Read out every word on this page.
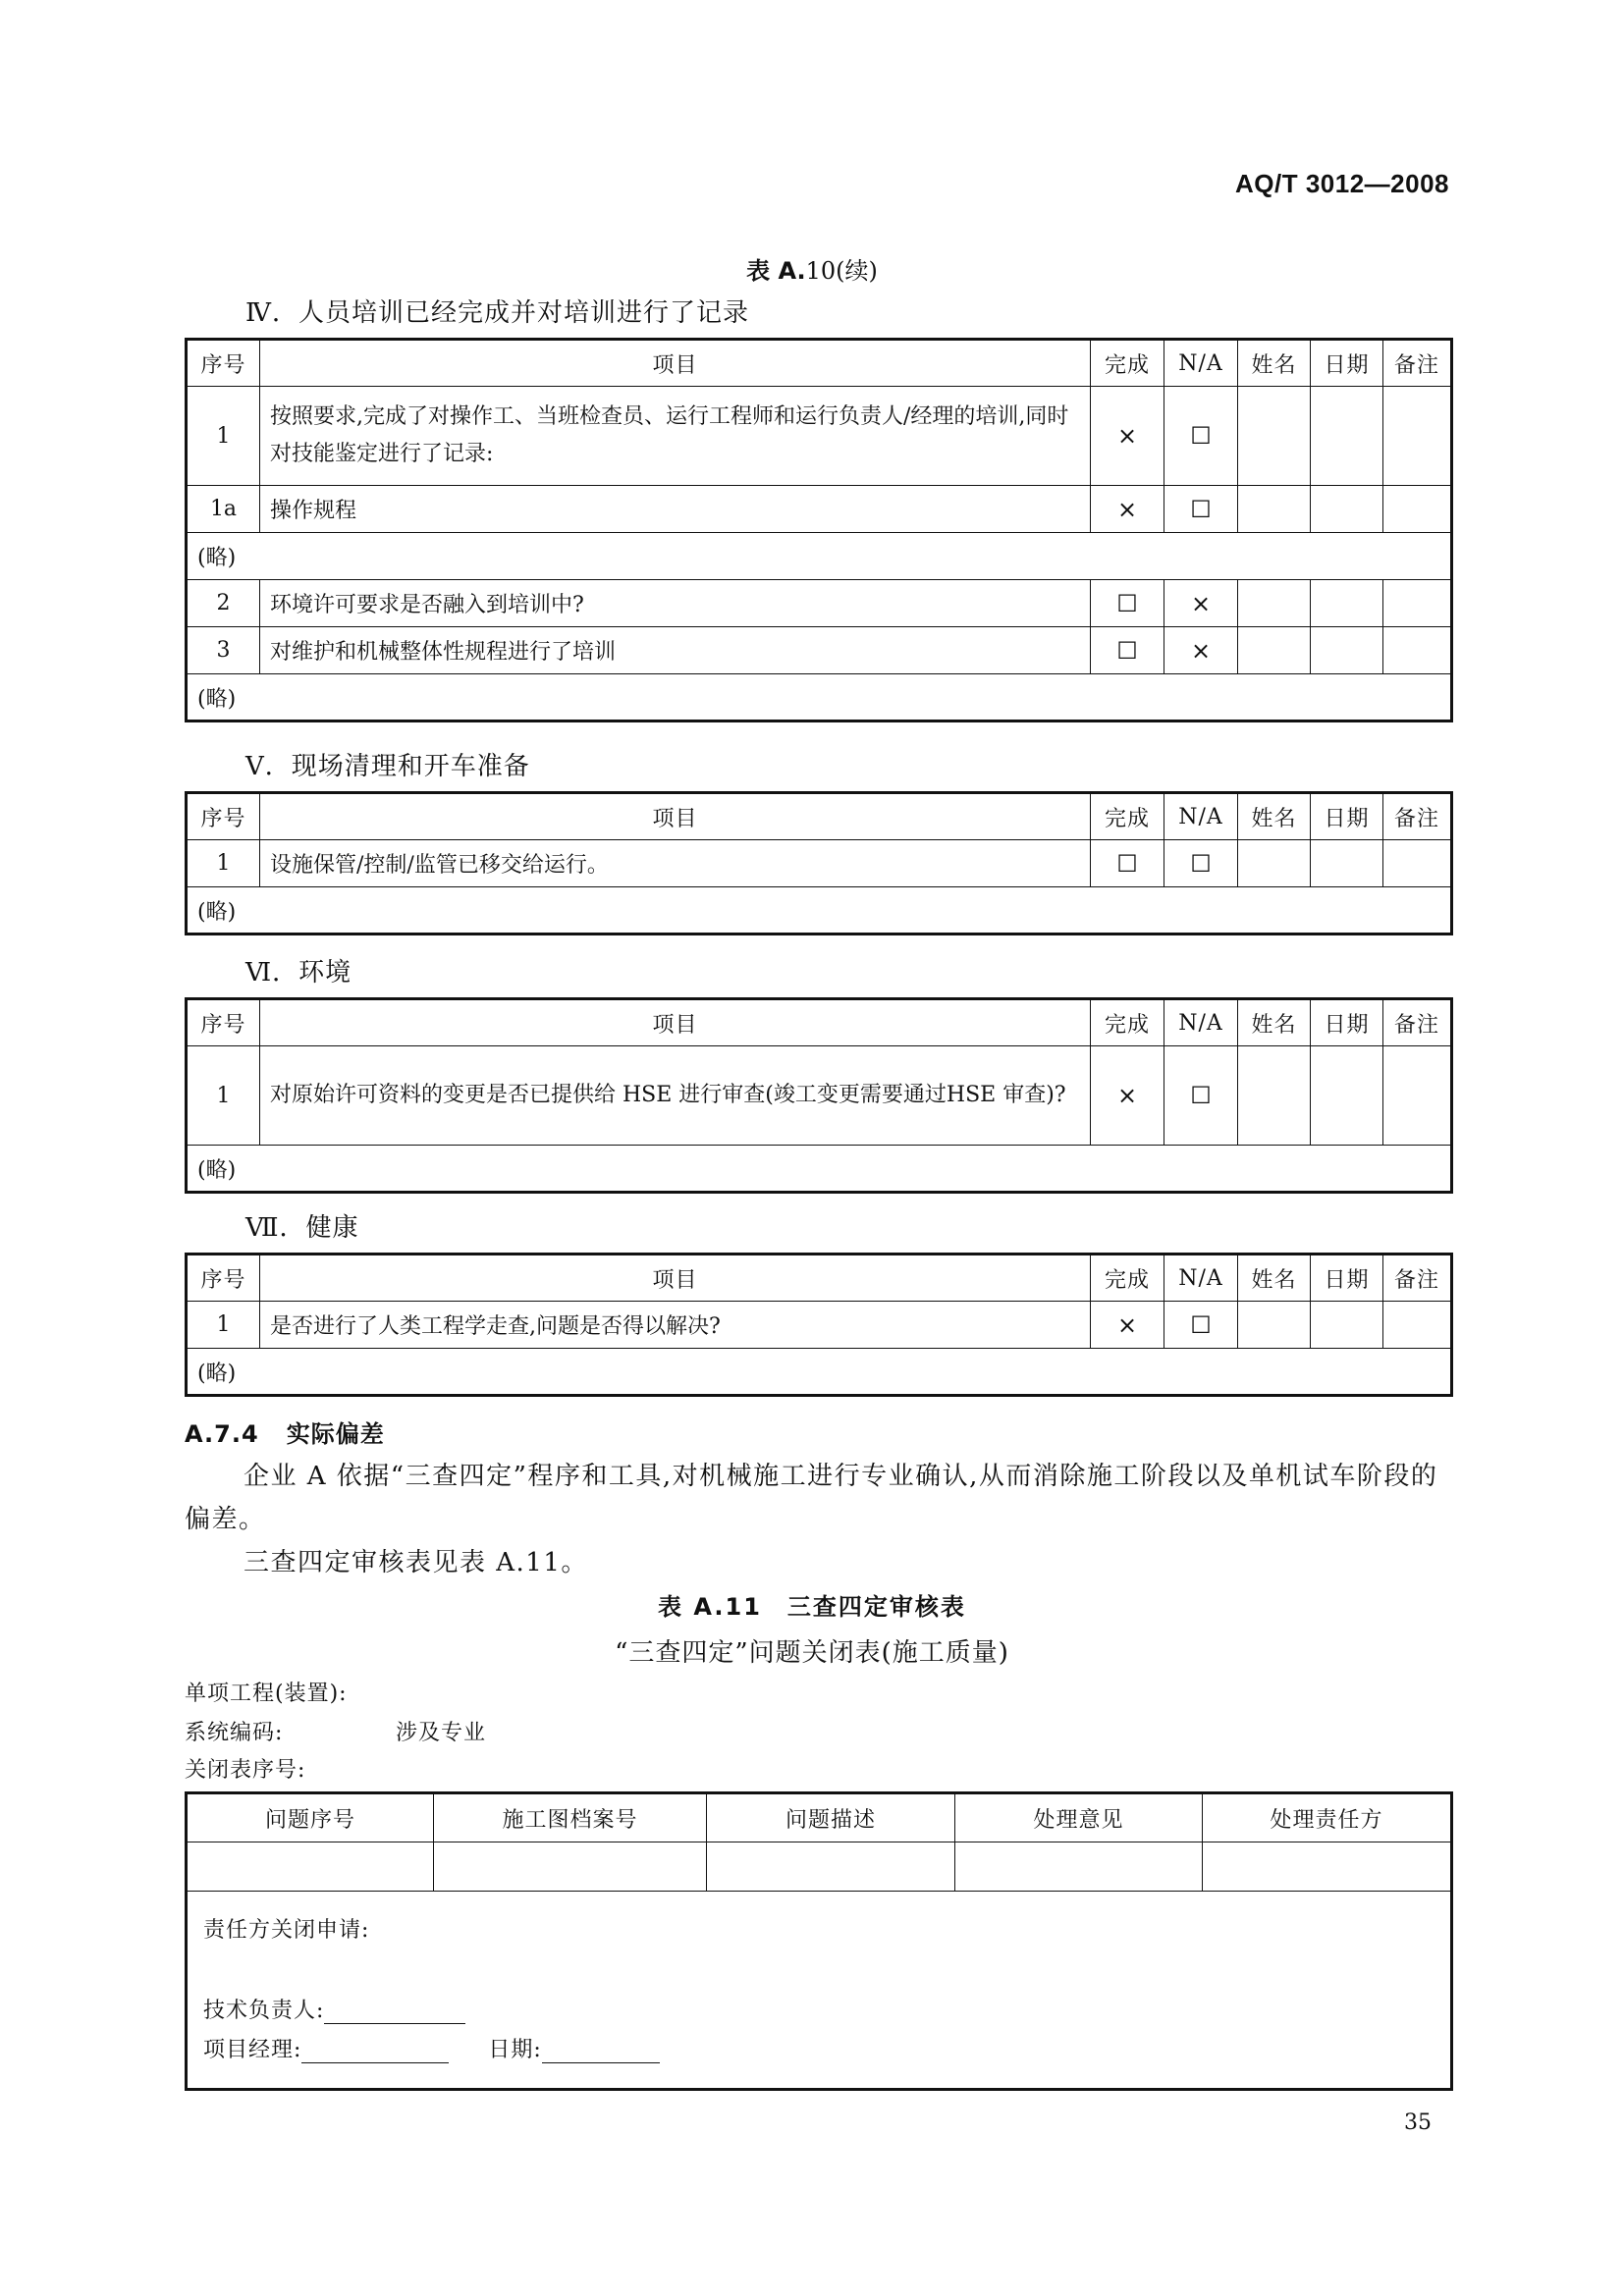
AQ/T 3012—2008
表 A.10(续)
Ⅳ．人员培训已经完成并对培训进行了记录
序号	项目	完成	N/A	姓名	日期	备注
1	按照要求,完成了对操作工、当班检查员、运行工程师和运行负责人/经理的培训,同时对技能鉴定进行了记录:	×	☐			
1a	操作规程	×	☐			
(略)						
2	环境许可要求是否融入到培训中?	☐	×			
3	对维护和机械整体性规程进行了培训	☐	×			
(略)						
Ⅴ．现场清理和开车准备
序号	项目	完成	N/A	姓名	日期	备注
1	设施保管/控制/监管已移交给运行。	☐	☐			
(略)						
Ⅵ．环境
序号	项目	完成	N/A	姓名	日期	备注
1	对原始许可资料的变更是否已提供给 HSE 进行审查(竣工变更需要通过HSE 审查)?	×	☐			
(略)						
Ⅶ．健康
序号	项目	完成	N/A	姓名	日期	备注
1	是否进行了人类工程学走查,问题是否得以解决?	×	☐			
(略)						
A.7.4 实际偏差
企业 A 依据“三查四定”程序和工具,对机械施工进行专业确认,从而消除施工阶段以及单机试车阶段的偏差。
三查四定审核表见表 A.11。
表 A.11　三查四定审核表
“三查四定”问题关闭表(施工质量)
单项工程(装置):
系统编码:	涉及专业
关闭表序号:
问题序号	施工图档案号	问题描述	处理意见	处理责任方

责任方关闭申请:
技术负责人:
项目经理: 日期:				
35
